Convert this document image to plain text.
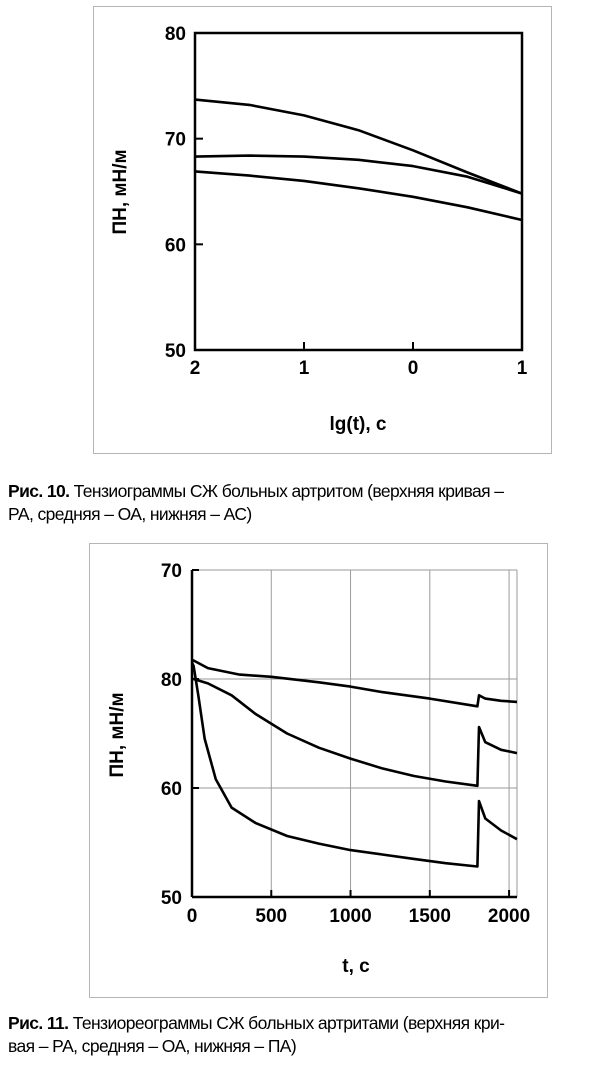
50
60
70
80
2	1	0	1
lg(t), c
ПН, мН/м
Рис. 10. Тензиограммы СЖ больных артритом (верхняя кривая –
РА, средняя – ОА, нижняя – АС)
50
60
80
70
0	500 1000 1500 2000
t, c
ПН, мН/м
Рис. 11. Тензиореограммы СЖ больных артритами (верхняя кри-
вая – РА, средняя – ОА, нижняя – ПА)
